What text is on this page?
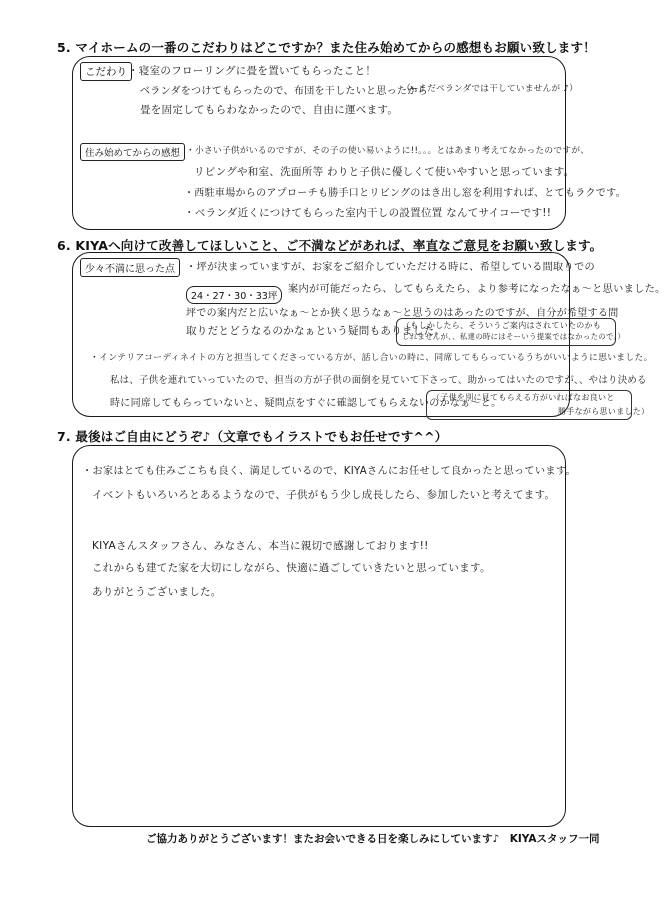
5. マイホームの一番のこだわりはどこですか？また住み始めてからの感想もお願い致します！
こだわり ・寝室のフローリングに畳を置いてもらったこと！
ベランダをつけてもらったので、布団を干したいと思ったから
（←まだベランダでは干していませんが ♪）
畳を固定してもらわなかったので、自由に運べます。
住み始めてからの感想 ・小さい子供がいるのですが、その子の使い易いように!!。。。とはあまり考えてなかったのですが、
リビングや和室、洗面所等 わりと子供に優しくて使いやすいと思っています。
・西駐車場からのアプローチも勝手口とリビングのはき出し窓を利用すれば、とてもラクです。
・ベランダ近くにつけてもらった室内干しの設置位置 なんてサイコーです!!
6. KIYAへ向けて改善してほしいこと、ご不満などがあれば、率直なご意見をお願い致します。
少々不満に思った点	・坪が決まっていますが、お家をご紹介していただける時に、希望している間取りでの
24・27・30・33坪
案内が可能だったら、してもらえたら、より参考になったなぁ〜と思いました。
坪での案内だと広いなぁ〜とか狭く思うなぁ〜と思うのはあったのですが、自分が希望する間
取りだとどうなるのかなぁという疑問もありました。
（もしかしたら、そういうご案内はされていたのかも
しれませんが、、私達の時にはそーいう提案ではなかったので。）
・インテリアコーディネイトの方と担当してくださっている方が、話し合いの時に、同席してもらっているうちがいいように思いました。
私は、子供を連れていっていたので、担当の方が子供の面倒を見ていて下さって、助かってはいたのですが、、やはり決める
時に同席してもらっていないと、疑問点をすぐに確認してもらえないのかなぁ〜と。
（子供を別に見てもらえる方がいればなお良いと
勝手ながら思いました）
7. 最後はご自由にどうぞ♪（文章でもイラストでもお任せです^^）
・お家はとても住みごこちも良く、満足しているので、KIYAさんにお任せして良かったと思っています。
イベントもいろいろとあるようなので、子供がもう少し成長したら、参加したいと考えてます。
KIYAさんスタッフさん、みなさん、本当に親切で感謝しております!!
これからも建てた家を大切にしながら、快適に過ごしていきたいと思っています。
ありがとうございました。
ご協力ありがとうございます！またお会いできる日を楽しみにしています♪　KIYAスタッフ一同
